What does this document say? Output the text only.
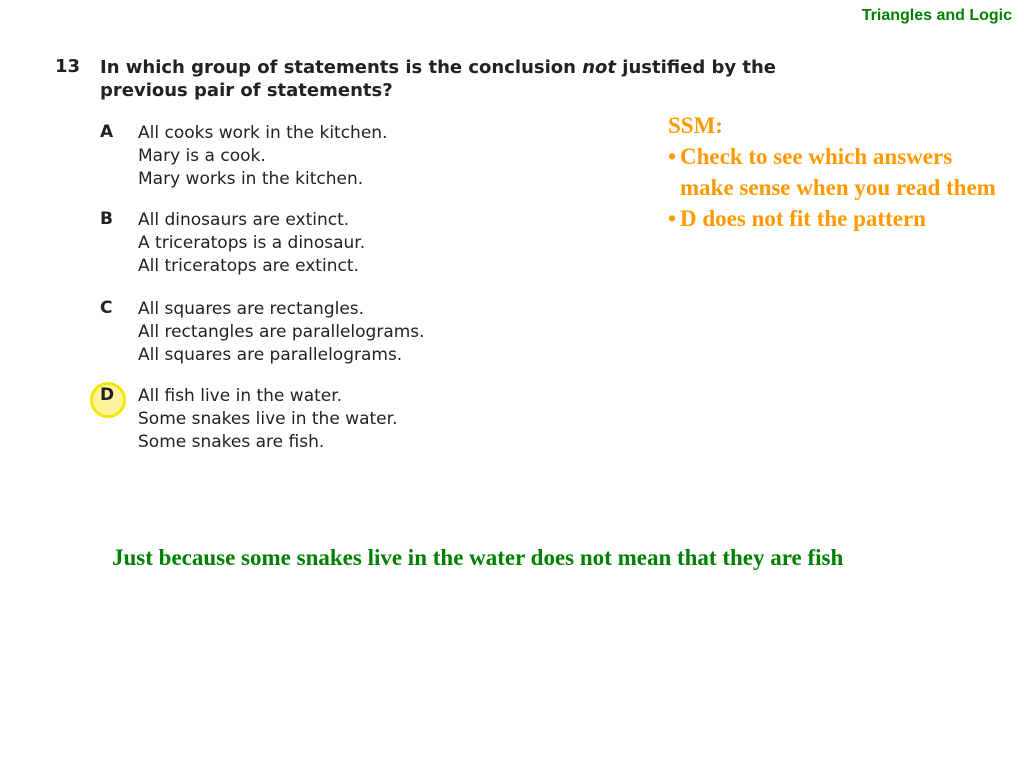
Triangles and Logic
13 In which group of statements is the conclusion not justified by the previous pair of statements?
A	All cooks work in the kitchen.
Mary is a cook.
Mary works in the kitchen.
B	All dinosaurs are extinct.
A triceratops is a dinosaur.
All triceratops are extinct.
C	All squares are rectangles.
All rectangles are parallelograms.
All squares are parallelograms.
D All fish live in the water.
Some snakes live in the water.
Some snakes are fish.
SSM:
• Check to see which answers make sense when you read them
• D does not fit the pattern
Just because some snakes live in the water does not mean that they are fish
